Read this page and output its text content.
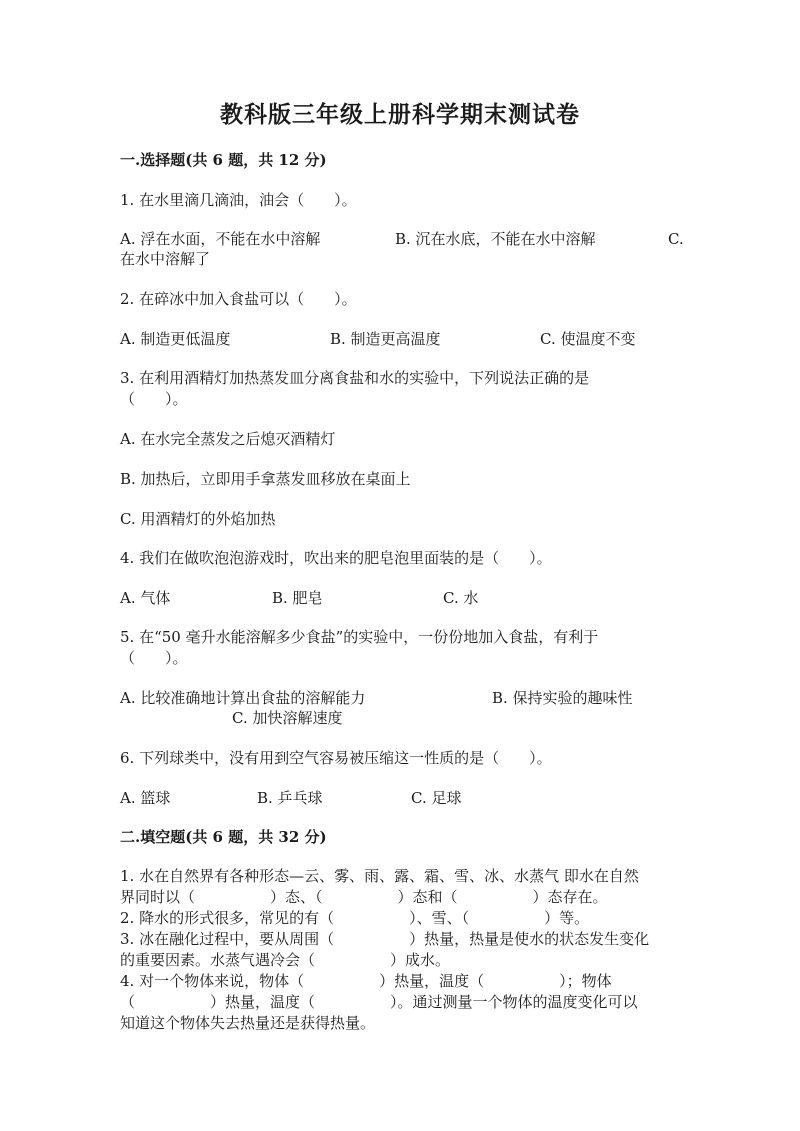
教科版三年级上册科学期末测试卷
一.选择题(共 6 题，共 12 分)
1. 在水里滴几滴油，油会（　　）。
A. 浮在水面，不能在水中溶解	B. 沉在水底，不能在水中溶解	C.
在水中溶解了
2. 在碎冰中加入食盐可以（　　）。
A. 制造更低温度	B. 制造更高温度	C. 使温度不变
3. 在利用酒精灯加热蒸发皿分离食盐和水的实验中，下列说法正确的是
（　　）。
A. 在水完全蒸发之后熄灭酒精灯
B. 加热后，立即用手拿蒸发皿移放在桌面上
C. 用酒精灯的外焰加热
4. 我们在做吹泡泡游戏时，吹出来的肥皂泡里面装的是（　　）。
A. 气体	B. 肥皂	C. 水
5. 在“50 毫升水能溶解多少食盐”的实验中，一份份地加入食盐，有利于
（　　）。
A. 比较准确地计算出食盐的溶解能力	B. 保持实验的趣味性
C. 加快溶解速度
6. 下列球类中，没有用到空气容易被压缩这一性质的是（　　）。
A. 篮球	B. 乒乓球	C. 足球
二.填空题(共 6 题，共 32 分)
1. 水在自然界有各种形态—云、雾、雨、露、霜、雪、冰、水蒸气 即水在自然
界同时以（　　　　　）态、（　　　　　）态和（　　　　　）态存在。
2. 降水的形式很多，常见的有（　　　　　）、雪、（　　　　　）等。
3. 冰在融化过程中，要从周围（　　　　　）热量，热量是使水的状态发生变化
的重要因素。水蒸气遇冷会（　　　　　）成水。
4. 对一个物体来说，物体（　　　　　）热量，温度（　　　　　）；物体
（　　　　　）热量，温度（　　　　　）。通过测量一个物体的温度变化可以
知道这个物体失去热量还是获得热量。
